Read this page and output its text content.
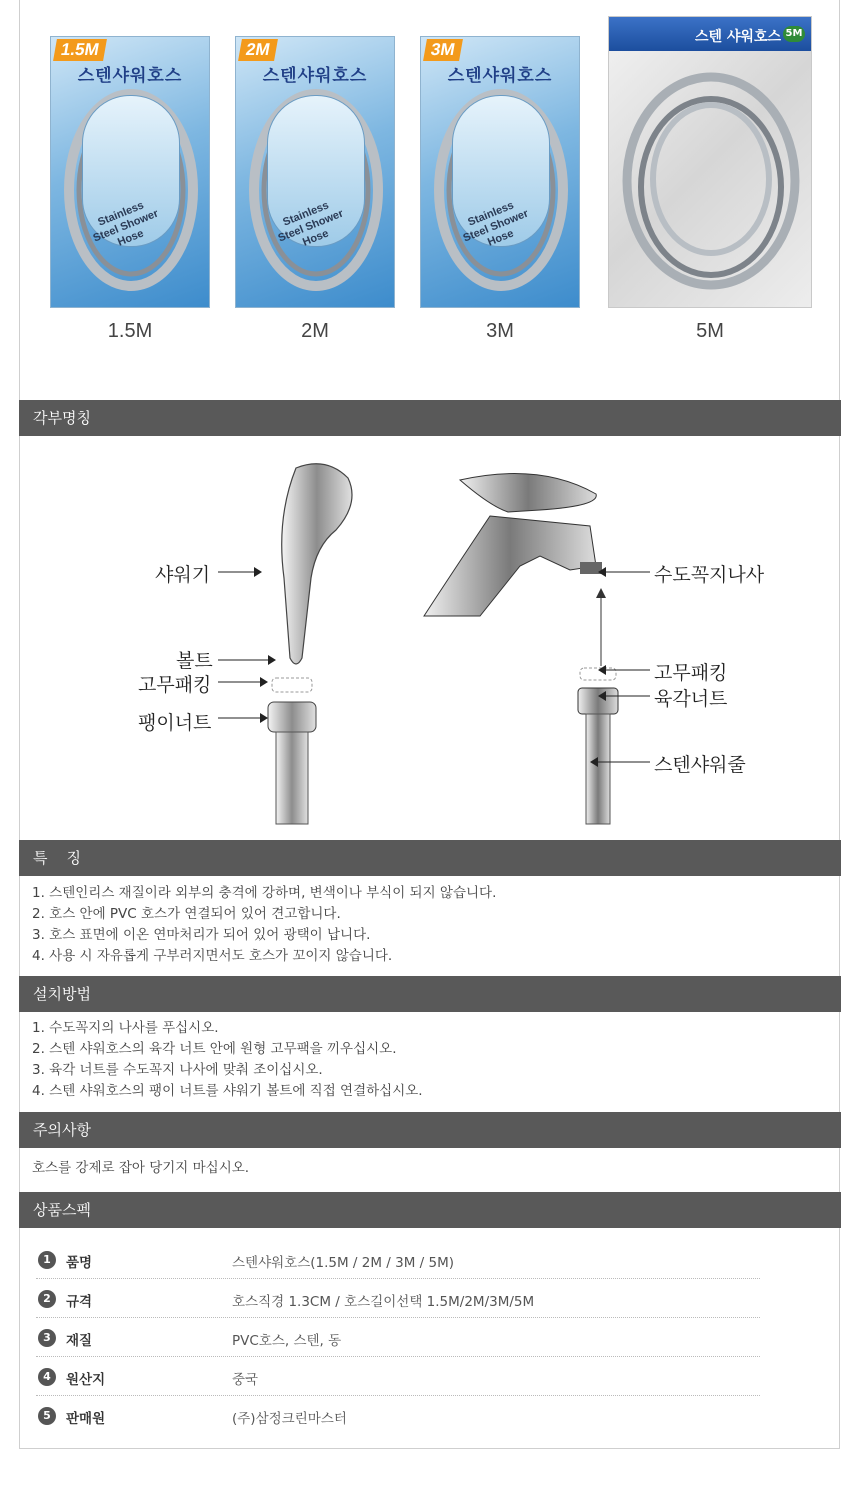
1.5M
스텐샤워호스
Stainless Steel Shower Hose
1.5M
2M
스텐샤워호스
Stainless Steel Shower Hose
2M
3M
스텐샤워호스
Stainless Steel Shower Hose
3M
스텐 샤워호스 5M
5M
각부명칭
샤워기
볼트
고무패킹
팽이너트
수도꼭지나사
고무패킹
육각너트
스텐샤워줄
특    징
1. 스텐인리스 재질이라 외부의 충격에 강하며, 변색이나 부식이 되지 않습니다.
2. 호스 안에 PVC 호스가 연결되어 있어 견고합니다.
3. 호스 표면에 이온 연마처리가 되어 있어 광택이 납니다.
4. 사용 시 자유롭게 구부러지면서도 호스가 꼬이지 않습니다.
설치방법
1. 수도꼭지의 나사를 푸십시오.
2. 스텐 샤워호스의 육각 너트 안에 원형 고무팩을 끼우십시오.
3. 육각 너트를 수도꼭지 나사에 맞춰 조이십시오.
4. 스텐 샤워호스의 팽이 너트를 샤워기 볼트에 직접 연결하십시오.
주의사항
호스를 강제로 잡아 당기지 마십시오.
상품스펙
1	품명	스텐샤워호스(1.5M / 2M / 3M / 5M)
2	규격	호스직경 1.3CM / 호스길이선택 1.5M/2M/3M/5M
3	재질	PVC호스, 스텐, 동
4	원산지	중국
5	판매원	(주)삼정크린마스터
